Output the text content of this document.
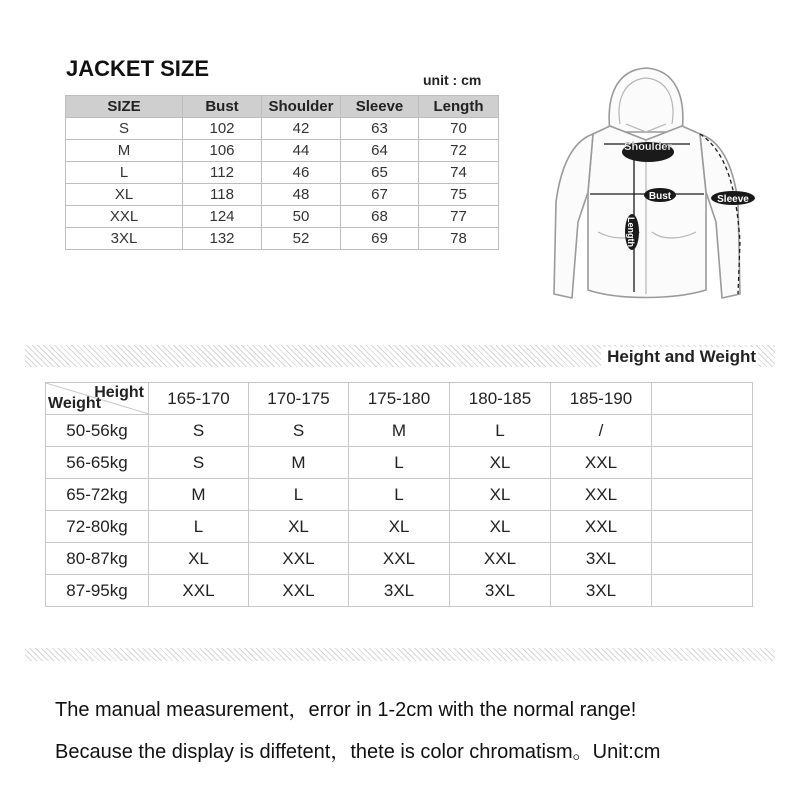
JACKET SIZE	unit : cm
SIZE	Bust	Shoulder	Sleeve	Length
S	102	42	63	70
M	106	44	64	72
L	112	46	65	74
XL	118	48	67	75
XXL	124	50	68	77
3XL	132	52	69	78
Shoulder
Bust	Sleeve
Length
Height and Weight
Height
Weight	165-170	170-175	175-180	180-185	185-190	
50-56kg	S	S	M	L	/	
56-65kg	S	M	L	XL	XXL	
65-72kg	M	L	L	XL	XXL	
72-80kg	L	XL	XL	XL	XXL	
80-87kg	XL	XXL	XXL	XXL	3XL	
87-95kg	XXL	XXL	3XL	3XL	3XL	
The manual measurement，error in 1-2cm with the normal range!
Because the display is diffetent，thete is color chromatism。Unit:cm
